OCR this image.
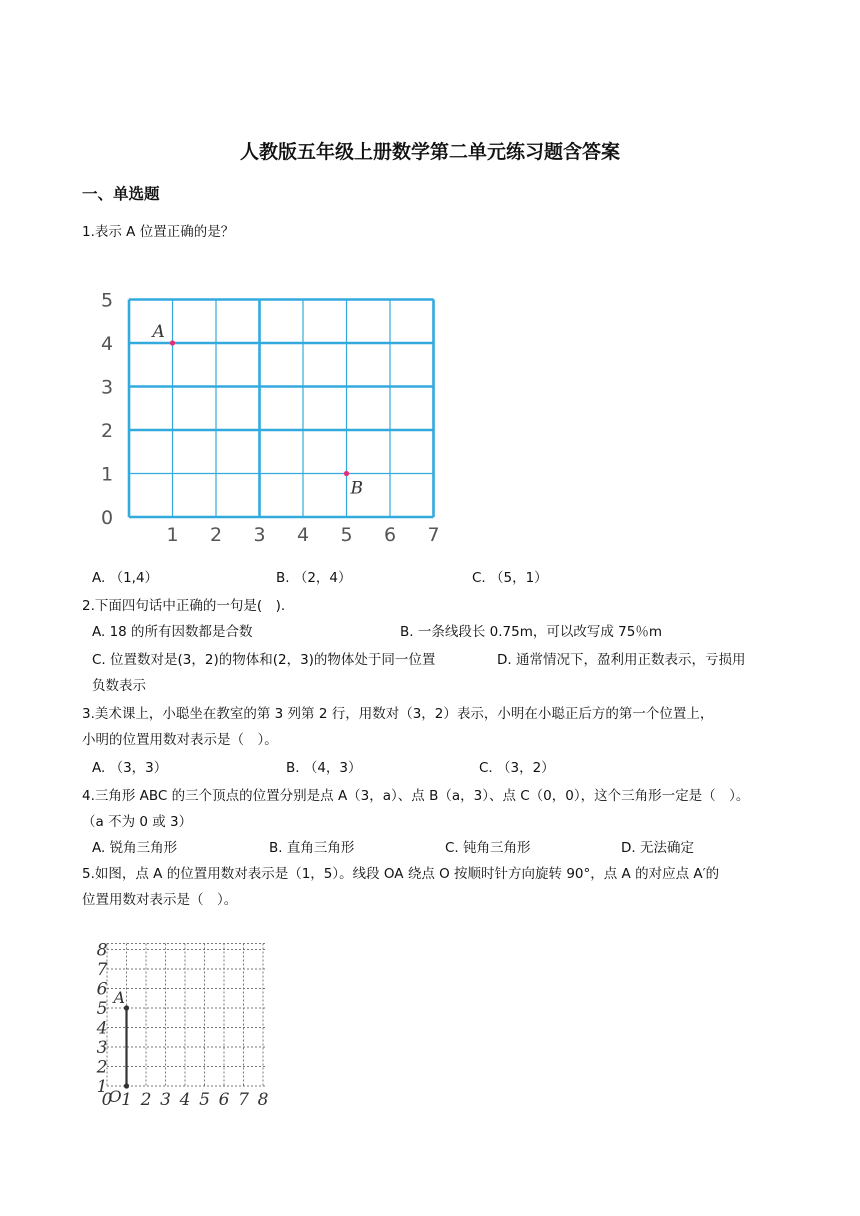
人教版五年级上册数学第二单元练习题含答案
一、单选题
1.表示 A 位置正确的是？
1 2 3 4 5 6 7
0
1
2
3
4
5
A
B
A. （1,4）	B. （2，4）	C. （5，1）
2.下面四句话中正确的一句是(　).
A. 18 的所有因数都是合数	B. 一条线段长 0.75m，可以改写成 75％m
C. 位置数对是(3，2)的物体和(2，3)的物体处于同一位置	D. 通常情况下，盈利用正数表示，亏损用
负数表示
3.美术课上，小聪坐在教室的第 3 列第 2 行，用数对（3，2）表示，小明在小聪正后方的第一个位置上，
小明的位置用数对表示是（　）。
A. （3，3）	B. （4，3）	C. （3，2）
4.三角形 ABC 的三个顶点的位置分别是点 A（3，a）、点 B（a，3）、点 C（0，0），这个三角形一定是（　）。
（a 不为 0 或 3）
A. 锐角三角形	B. 直角三角形	C. 钝角三角形	D. 无法确定
5.如图，点 A 的位置用数对表示是（1，5）。线段 OA 绕点 O 按顺时针方向旋转 90°，点 A 的对应点 A′的
位置用数对表示是（　）。
0 1 2 3 4 5 6 7 8
1
2
3
4
5
6
7
8
A
O
